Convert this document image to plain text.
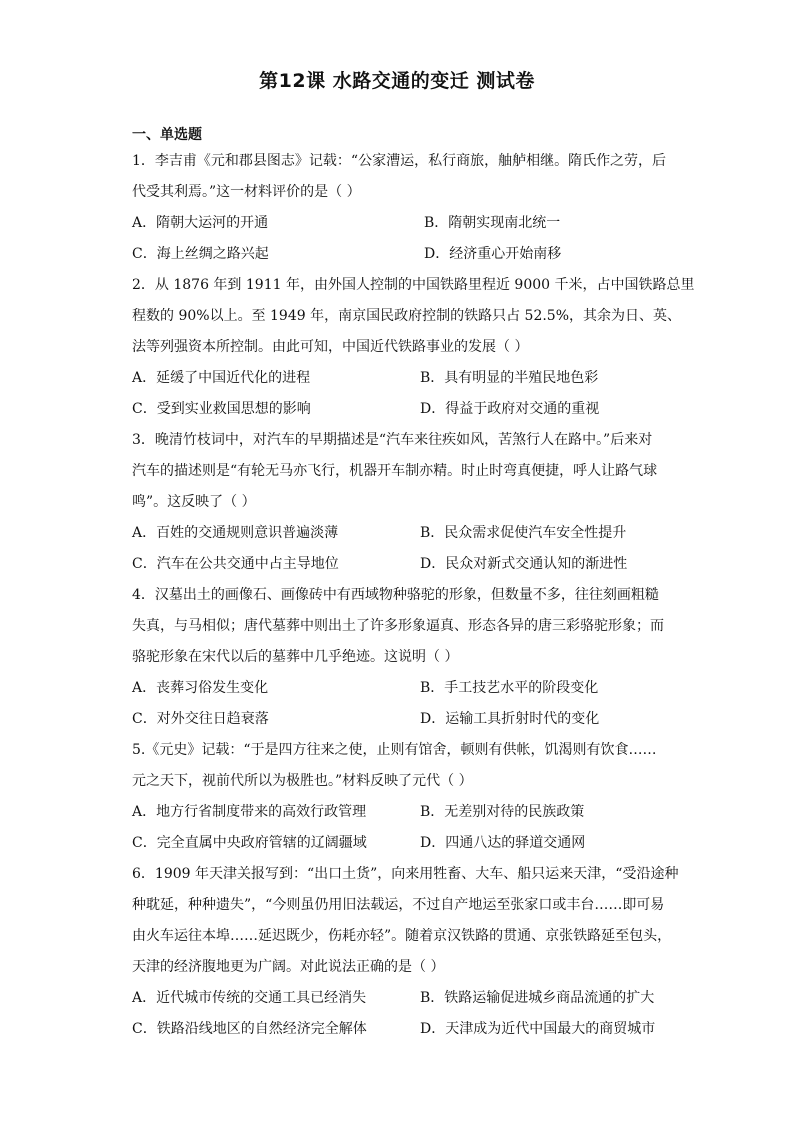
第12课 水路交通的变迁 测试卷
一、单选题
1．李吉甫《元和郡县图志》记载：“公家漕运，私行商旅，舳舻相继。隋氏作之劳，后
代受其利焉。”这一材料评价的是（ ）
A．隋朝大运河的开通	B．隋朝实现南北统一
C．海上丝绸之路兴起	D．经济重心开始南移
2．从 1876 年到 1911 年，由外国人控制的中国铁路里程近 9000 千米，占中国铁路总里
程数的 90%以上。至 1949 年，南京国民政府控制的铁路只占 52.5%，其余为日、英、
法等列强资本所控制。由此可知，中国近代铁路事业的发展（ ）
A．延缓了中国近代化的进程	B．具有明显的半殖民地色彩
C．受到实业救国思想的影响	D．得益于政府对交通的重视
3．晚清竹枝词中，对汽车的早期描述是“汽车来往疾如风，苦煞行人在路中。”后来对
汽车的描述则是“有轮无马亦飞行，机器开车制亦精。时止时弯真便捷，呼人让路气球
鸣”。这反映了（ ）
A．百姓的交通规则意识普遍淡薄	B．民众需求促使汽车安全性提升
C．汽车在公共交通中占主导地位	D．民众对新式交通认知的渐进性
4．汉墓出土的画像石、画像砖中有西域物种骆驼的形象，但数量不多，往往刻画粗糙
失真，与马相似；唐代墓葬中则出土了许多形象逼真、形态各异的唐三彩骆驼形象；而
骆驼形象在宋代以后的墓葬中几乎绝迹。这说明（ ）
A．丧葬习俗发生变化	B．手工技艺水平的阶段变化
C．对外交往日趋衰落	D．运输工具折射时代的变化
5.《元史》记载：“于是四方往来之使，止则有馆舍，顿则有供帐，饥渴则有饮食……
元之天下，视前代所以为极胜也。”材料反映了元代（ ）
A．地方行省制度带来的高效行政管理	B．无差别对待的民族政策
C．完全直属中央政府管辖的辽阔疆域	D．四通八达的驿道交通网
6．1909 年天津关报写到：“出口土货”，向来用牲畜、大车、船只运来天津，“受沿途种
种耽延，种种遗失”，“今则虽仍用旧法载运，不过自产地运至张家口或丰台……即可易
由火车运往本埠……延迟既少，伤耗亦轻”。随着京汉铁路的贯通、京张铁路延至包头，
天津的经济腹地更为广阔。对此说法正确的是（ ）
A．近代城市传统的交通工具已经消失	B．铁路运输促进城乡商品流通的扩大
C．铁路沿线地区的自然经济完全解体	D．天津成为近代中国最大的商贸城市
